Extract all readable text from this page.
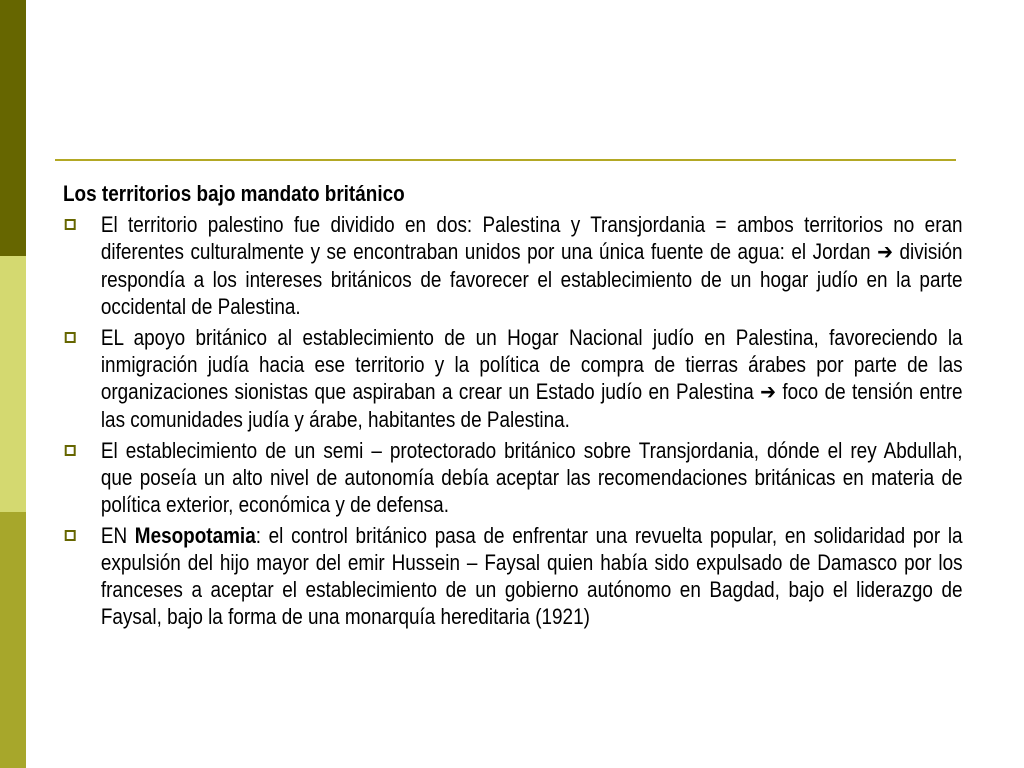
Los territorios bajo mandato británico
El territorio palestino fue dividido en dos: Palestina y Transjordania = ambos territorios no eran diferentes culturalmente y se encontraban unidos por una única fuente de agua: el Jordan ➔ división respondía a los intereses británicos de favorecer el establecimiento de un hogar judío en la parte occidental de Palestina.
EL apoyo británico al establecimiento de un Hogar Nacional judío en Palestina, favoreciendo la inmigración judía hacia ese territorio y la política de compra de tierras árabes por parte de las organizaciones sionistas que aspiraban a crear un Estado judío en Palestina ➔ foco de tensión entre las comunidades judía y árabe, habitantes de Palestina.
El establecimiento de un semi – protectorado británico sobre Transjordania, dónde el rey Abdullah, que poseía un alto nivel de autonomía debía aceptar las recomendaciones británicas en materia de política exterior, económica y de defensa.
EN Mesopotamia: el control británico pasa de enfrentar una revuelta popular, en solidaridad por la expulsión del hijo mayor del emir Hussein – Faysal quien había sido expulsado de Damasco por los franceses a aceptar el establecimiento de un gobierno autónomo en Bagdad, bajo el liderazgo de Faysal, bajo la forma de una monarquía hereditaria (1921)
